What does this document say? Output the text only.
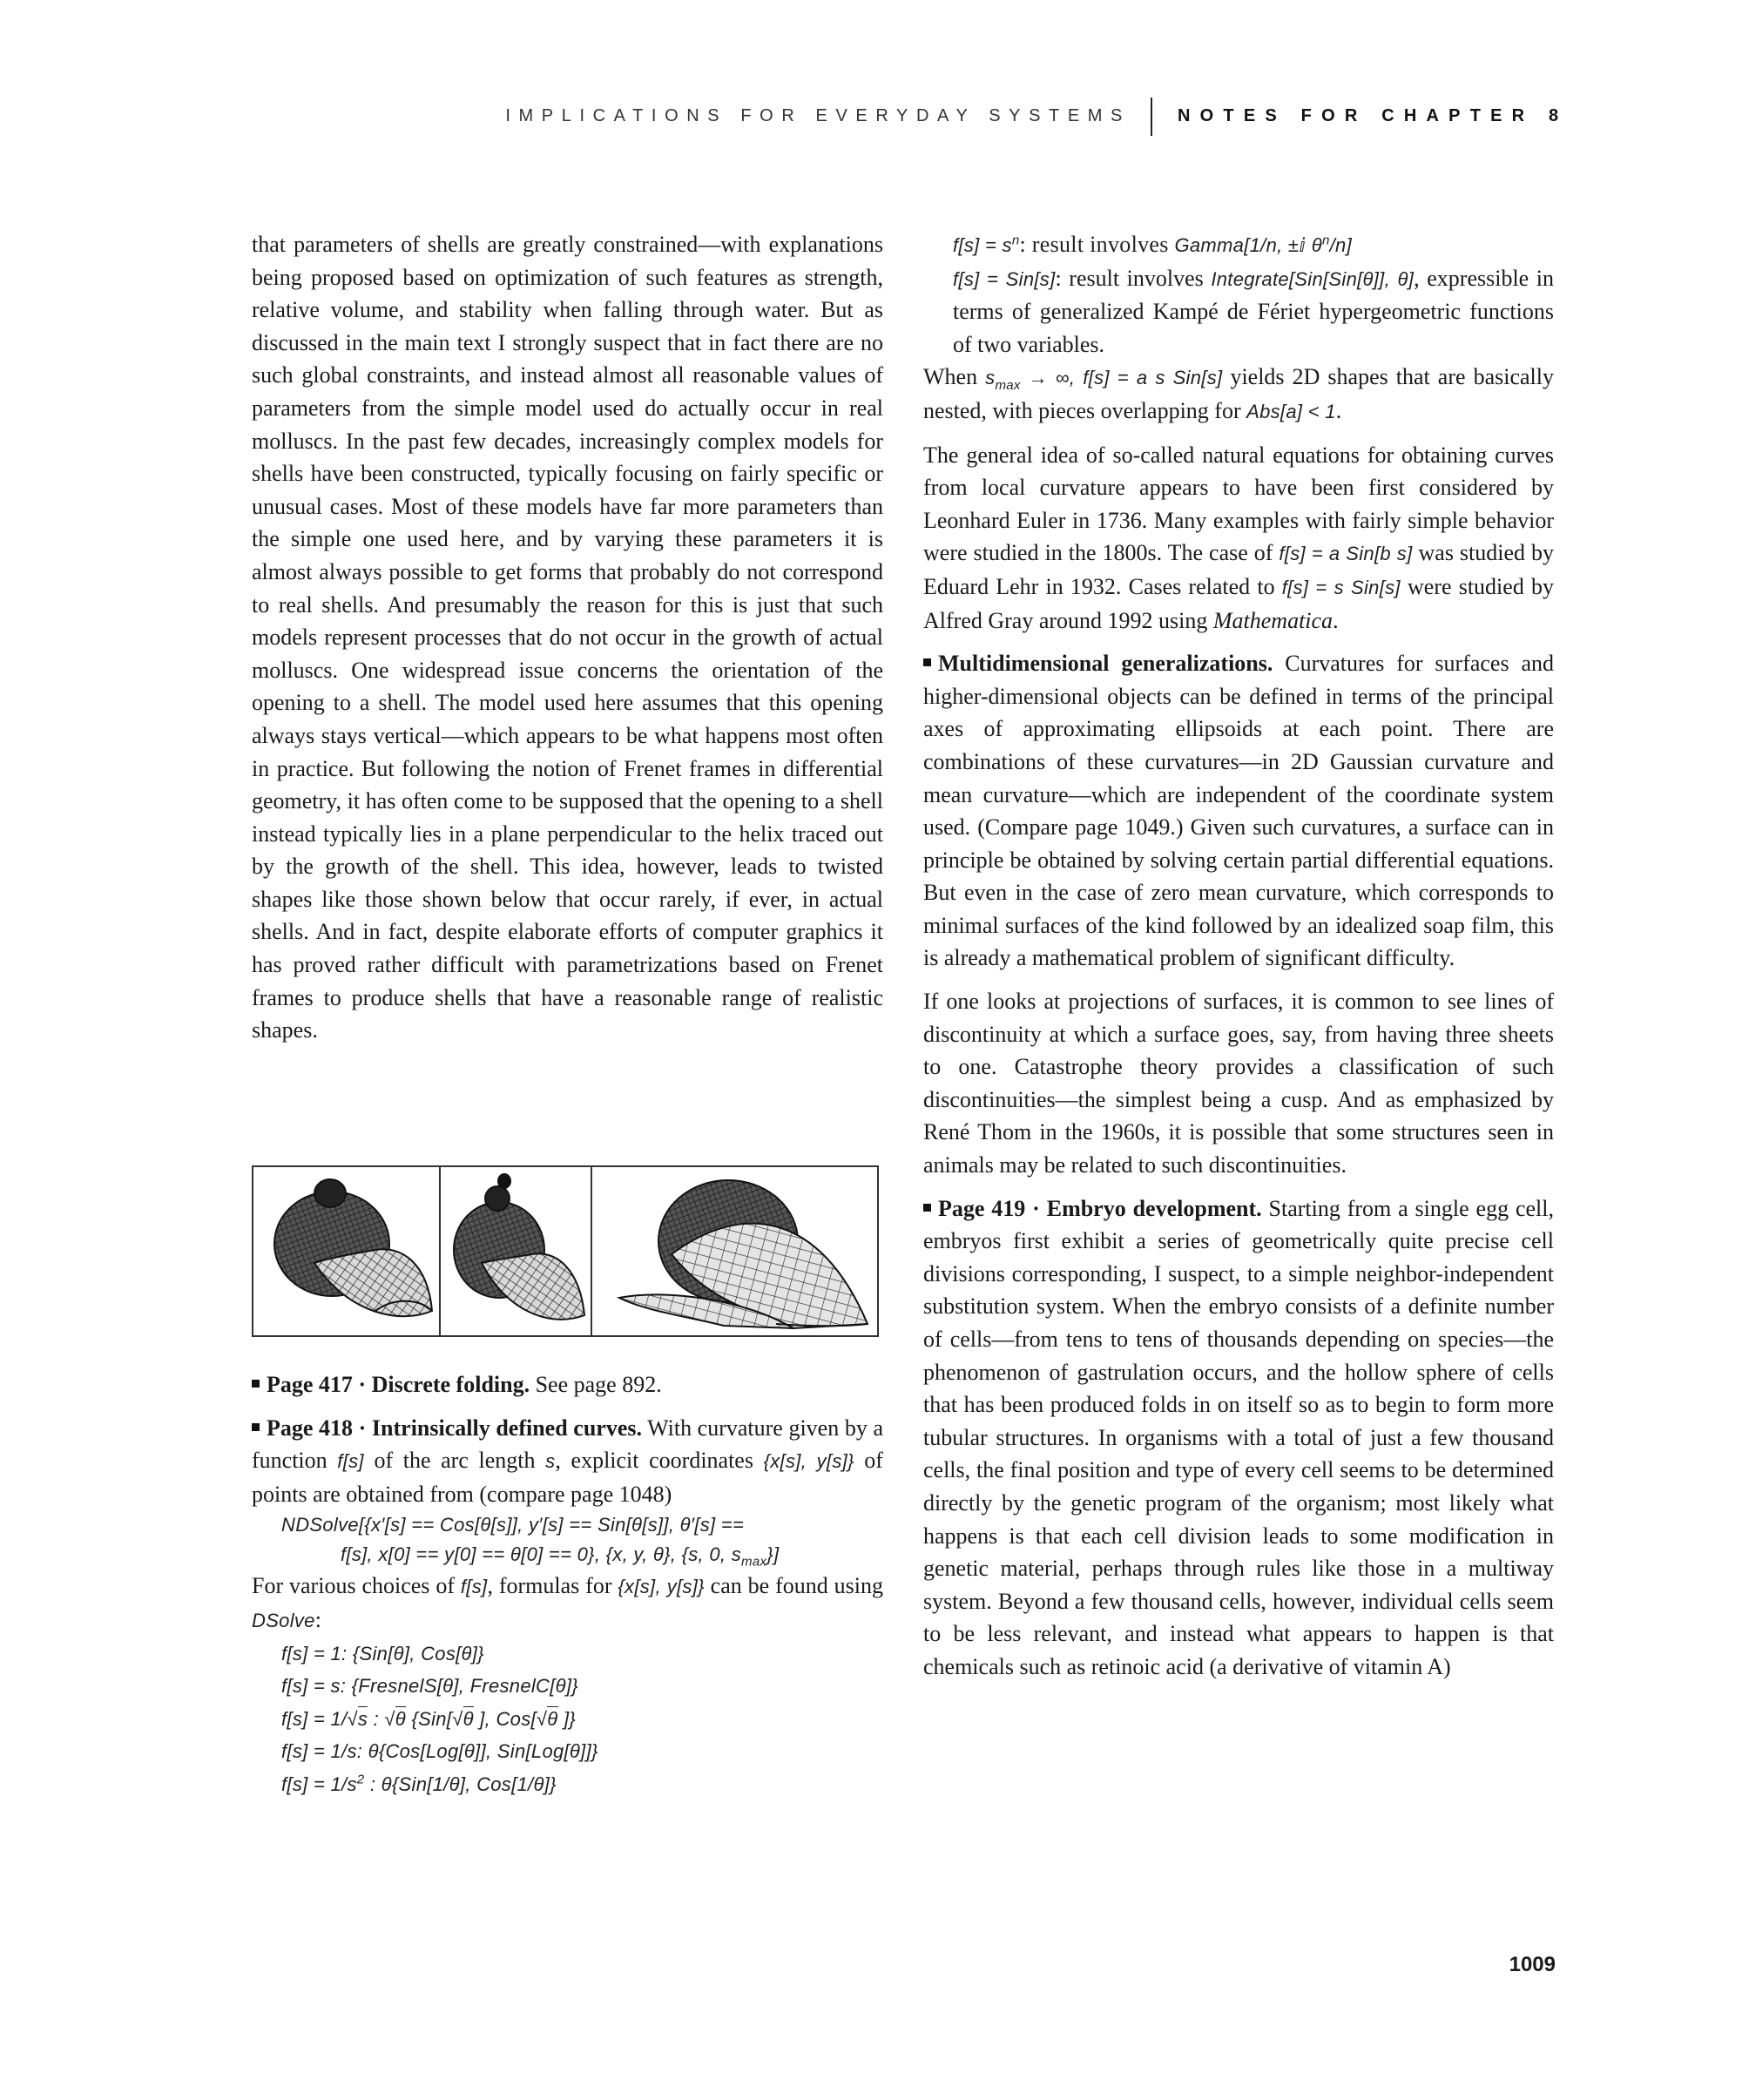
IMPLICATIONS FOR EVERYDAY SYSTEMS	NOTES FOR CHAPTER 8

that parameters of shells are greatly constrained—with explanations being proposed based on optimization of such features as strength, relative volume, and stability when falling through water. But as discussed in the main text I strongly suspect that in fact there are no such global constraints, and instead almost all reasonable values of parameters from the simple model used do actually occur in real molluscs. In the past few decades, increasingly complex models for shells have been constructed, typically focusing on fairly specific or unusual cases. Most of these models have far more parameters than the simple one used here, and by varying these parameters it is almost always possible to get forms that probably do not correspond to real shells. And presumably the reason for this is just that such models represent processes that do not occur in the growth of actual molluscs. One widespread issue concerns the orientation of the opening to a shell. The model used here assumes that this opening always stays vertical—which appears to be what happens most often in practice. But following the notion of Frenet frames in differential geometry, it has often come to be supposed that the opening to a shell instead typically lies in a plane perpendicular to the helix traced out by the growth of the shell. This idea, however, leads to twisted shapes like those shown below that occur rarely, if ever, in actual shells. And in fact, despite elaborate efforts of computer graphics it has proved rather difficult with parametrizations based on Frenet frames to produce shells that have a reasonable range of realistic shapes.

Page 417 · Discrete folding. See page 892.

Page 418 · Intrinsically defined curves. With curvature given by a function f[s] of the arc length s, explicit coordinates {x[s], y[s]} of points are obtained from (compare page 1048)

NDSolve[{x′[s] == Cos[θ[s]], y′[s] == Sin[θ[s]], θ′[s] ==
f[s], x[0] == y[0] == θ[0] == 0}, {x, y, θ}, {s, 0, $s_{max}$}]

For various choices of f[s], formulas for {x[s], y[s]} can be found using DSolve:

f[s] = 1: {Sin[θ], Cos[θ]}
f[s] = s: {FresnelS[θ], FresnelC[θ]}
f[s] = 1/√s : √θ {Sin[√θ ], Cos[√θ ]}
f[s] = 1/s: θ{Cos[Log[θ]], Sin[Log[θ]]}
$f[s] = 1/s^2$ : θ{Sin[1/θ], Cos[1/θ]}
$f[s] = s^n$: result involves Gamma[1/n, ±ⅈ $\theta^n/n$]

f[s] = Sin[s]: result involves Integrate[Sin[Sin[θ]], θ], expressible in terms of generalized Kampé de Fériet hypergeometric functions of two variables.

When $s_{max}$ → ∞, f[s] = a s Sin[s] yields 2D shapes that are basically nested, with pieces overlapping for Abs[a] < 1.

The general idea of so-called natural equations for obtaining curves from local curvature appears to have been first considered by Leonhard Euler in 1736. Many examples with fairly simple behavior were studied in the 1800s. The case of f[s] = a Sin[b s] was studied by Eduard Lehr in 1932. Cases related to f[s] = s Sin[s] were studied by Alfred Gray around 1992 using Mathematica.

Multidimensional generalizations. Curvatures for surfaces and higher-dimensional objects can be defined in terms of the principal axes of approximating ellipsoids at each point. There are combinations of these curvatures—in 2D Gaussian curvature and mean curvature—which are independent of the coordinate system used. (Compare page 1049.) Given such curvatures, a surface can in principle be obtained by solving certain partial differential equations. But even in the case of zero mean curvature, which corresponds to minimal surfaces of the kind followed by an idealized soap film, this is already a mathematical problem of significant difficulty.

If one looks at projections of surfaces, it is common to see lines of discontinuity at which a surface goes, say, from having three sheets to one. Catastrophe theory provides a classification of such discontinuities—the simplest being a cusp. And as emphasized by René Thom in the 1960s, it is possible that some structures seen in animals may be related to such discontinuities.

Page 419 · Embryo development. Starting from a single egg cell, embryos first exhibit a series of geometrically quite precise cell divisions corresponding, I suspect, to a simple neighbor-independent substitution system. When the embryo consists of a definite number of cells—from tens to tens of thousands depending on species—the phenomenon of gastrulation occurs, and the hollow sphere of cells that has been produced folds in on itself so as to begin to form more tubular structures. In organisms with a total of just a few thousand cells, the final position and type of every cell seems to be determined directly by the genetic program of the organism; most likely what happens is that each cell division leads to some modification in genetic material, perhaps through rules like those in a multiway system. Beyond a few thousand cells, however, individual cells seem to be less relevant, and instead what appears to happen is that chemicals such as retinoic acid (a derivative of vitamin A)

1009
